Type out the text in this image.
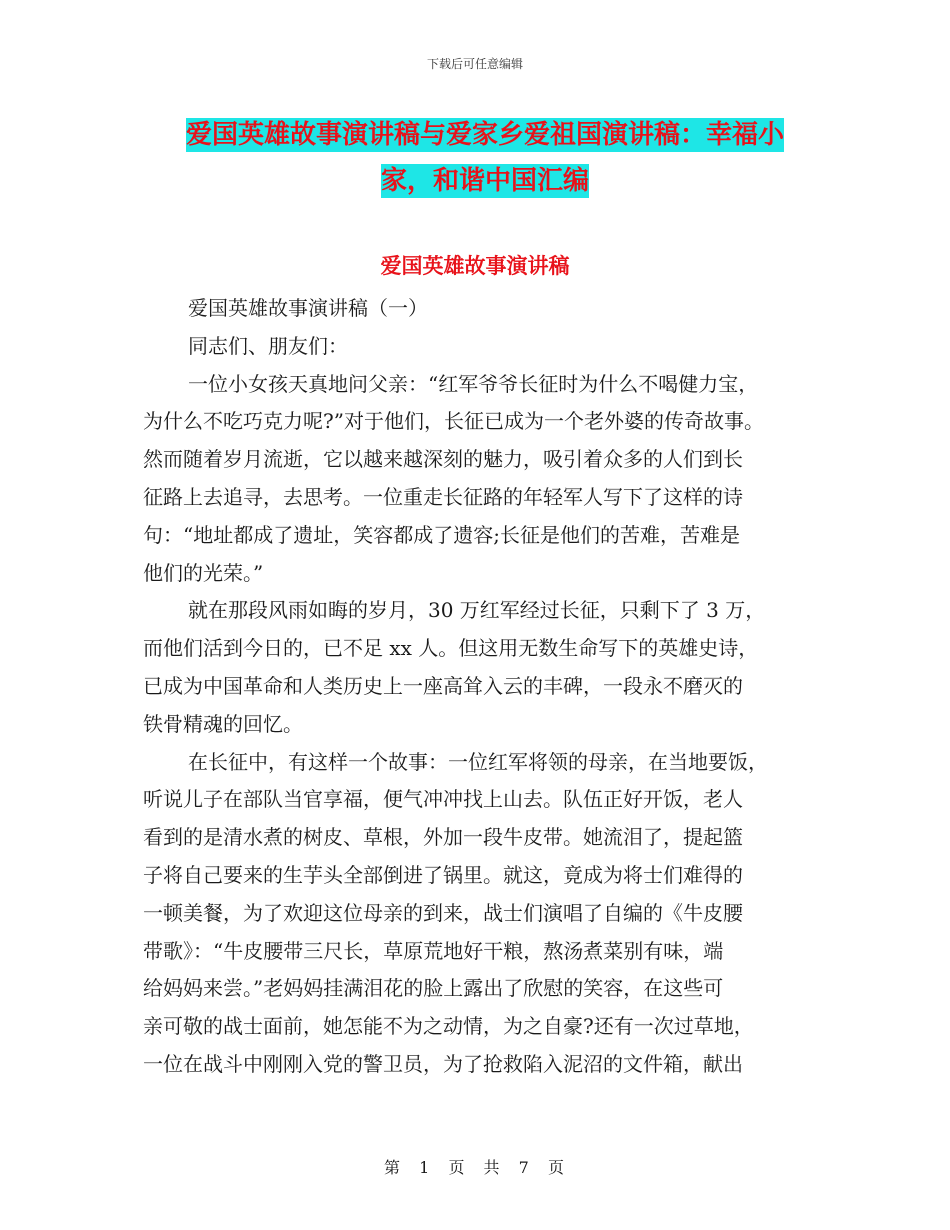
下载后可任意编辑
爱国英雄故事演讲稿与爱家乡爱祖国演讲稿：幸福小
家，和谐中国汇编
爱国英雄故事演讲稿
爱国英雄故事演讲稿（一）
同志们、朋友们：
一位小女孩天真地问父亲：“红军爷爷长征时为什么不喝健力宝，
为什么不吃巧克力呢?”对于他们，长征已成为一个老外婆的传奇故事。
然而随着岁月流逝，它以越来越深刻的魅力，吸引着众多的人们到长
征路上去追寻，去思考。一位重走长征路的年轻军人写下了这样的诗
句：“地址都成了遗址，笑容都成了遗容;长征是他们的苦难，苦难是
他们的光荣。”
就在那段风雨如晦的岁月，30 万红军经过长征，只剩下了 3 万，
而他们活到今日的，已不足 xx 人。但这用无数生命写下的英雄史诗，
已成为中国革命和人类历史上一座高耸入云的丰碑，一段永不磨灭的
铁骨精魂的回忆。
在长征中，有这样一个故事：一位红军将领的母亲，在当地要饭，
听说儿子在部队当官享福，便气冲冲找上山去。队伍正好开饭，老人
看到的是清水煮的树皮、草根，外加一段牛皮带。她流泪了，提起篮
子将自己要来的生芋头全部倒进了锅里。就这，竟成为将士们难得的
一顿美餐，为了欢迎这位母亲的到来，战士们演唱了自编的《牛皮腰
带歌》：“牛皮腰带三尺长，草原荒地好干粮，熬汤煮菜别有味，端
给妈妈来尝。”老妈妈挂满泪花的脸上露出了欣慰的笑容，在这些可
亲可敬的战士面前，她怎能不为之动情，为之自豪?还有一次过草地，
一位在战斗中刚刚入党的警卫员，为了抢救陷入泥沼的文件箱，献出
第 1 页 共 7 页
